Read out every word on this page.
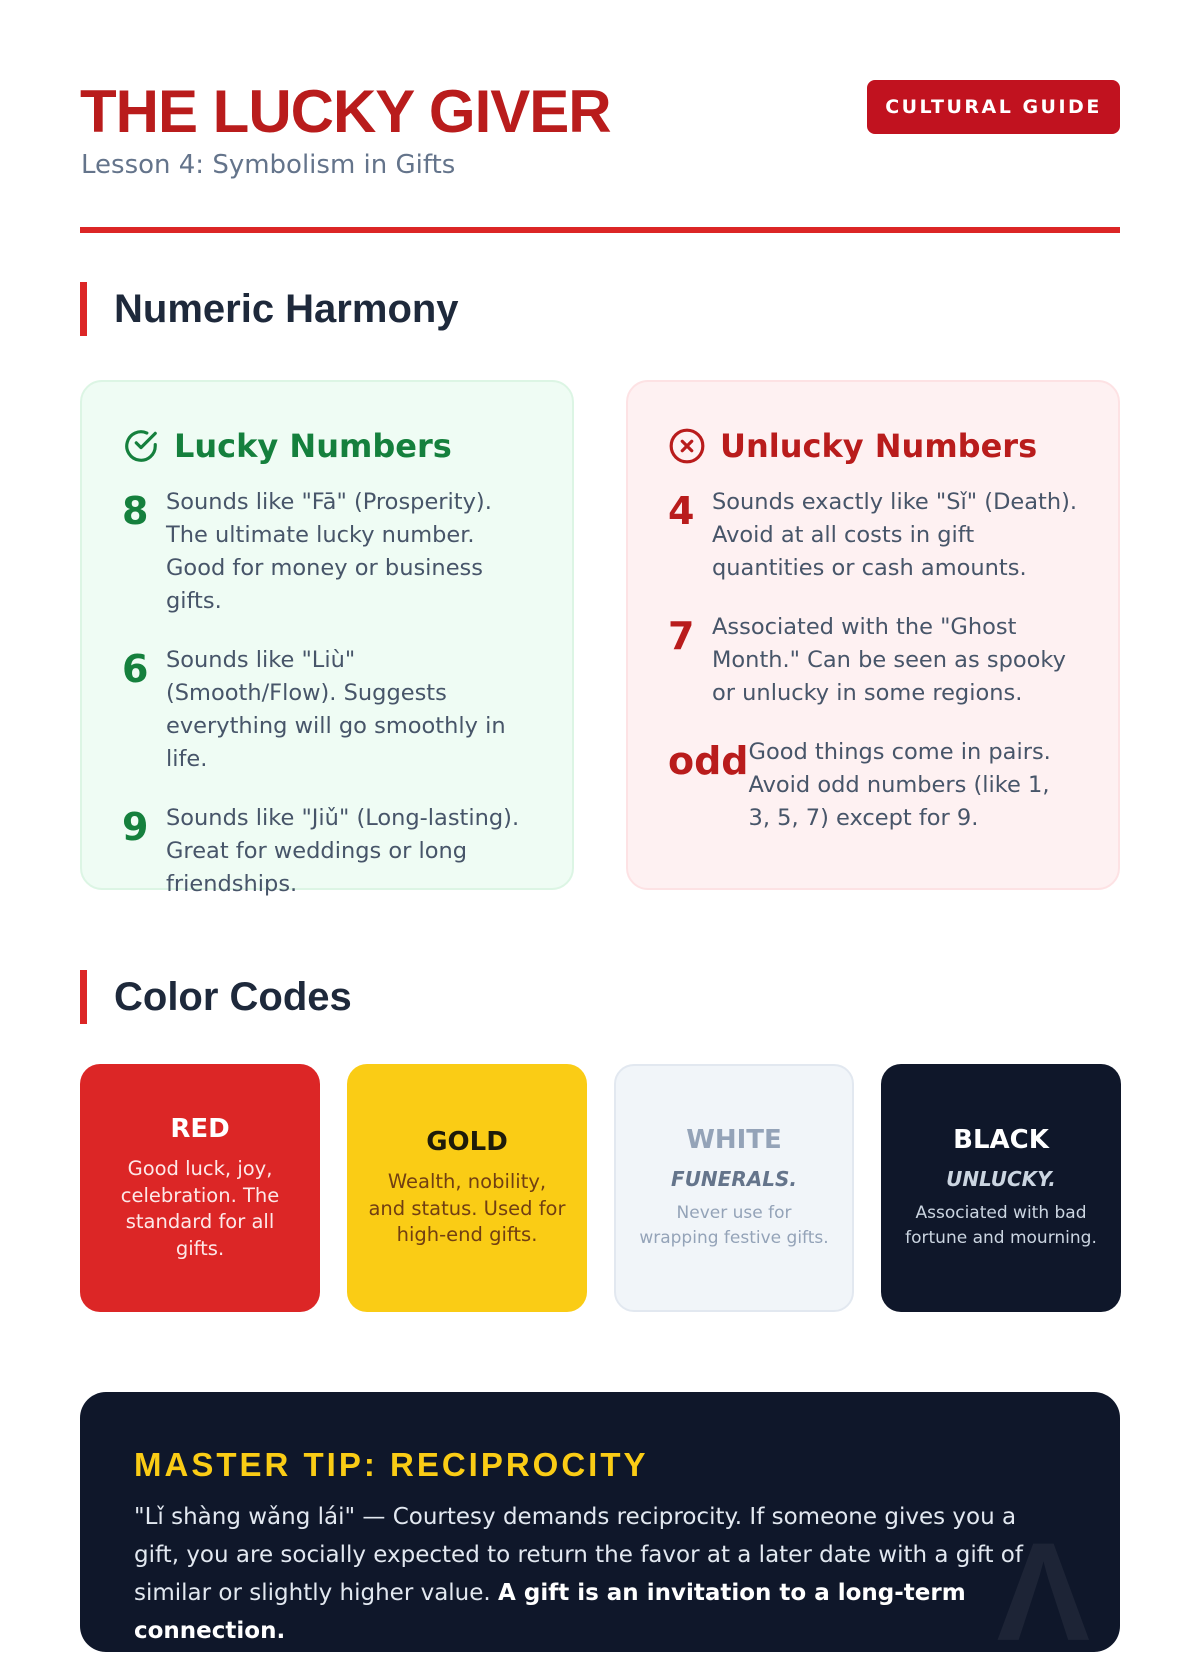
THE LUCKY GIVER
Lesson 4: Symbolism in Gifts
CULTURAL GUIDE
Numeric Harmony
Lucky Numbers
8 Sounds like "Fā" (Prosperity). The ultimate lucky number. Good for money or business gifts.
6 Sounds like "Liù" (Smooth/Flow). Suggests everything will go smoothly in life.
9 Sounds like "Jiǔ" (Long-lasting). Great for weddings or long friendships.
Unlucky Numbers
4 Sounds exactly like "Sǐ" (Death). Avoid at all costs in gift quantities or cash amounts.
7 Associated with the "Ghost Month." Can be seen as spooky or unlucky in some regions.
odd Good things come in pairs. Avoid odd numbers (like 1, 3, 5, 7) except for 9.
Color Codes
RED
Good luck, joy, celebration. The standard for all gifts.
GOLD
Wealth, nobility, and status. Used for high-end gifts.
WHITE
FUNERALS.
Never use for wrapping festive gifts.
BLACK
UNLUCKY.
Associated with bad fortune and mourning.
MASTER TIP: RECIPROCITY
"Lǐ shàng wǎng lái" — Courtesy demands reciprocity. If someone gives you a gift, you are socially expected to return the favor at a later date with a gift of similar or slightly higher value. A gift is an invitation to a long-term connection.	Λ
